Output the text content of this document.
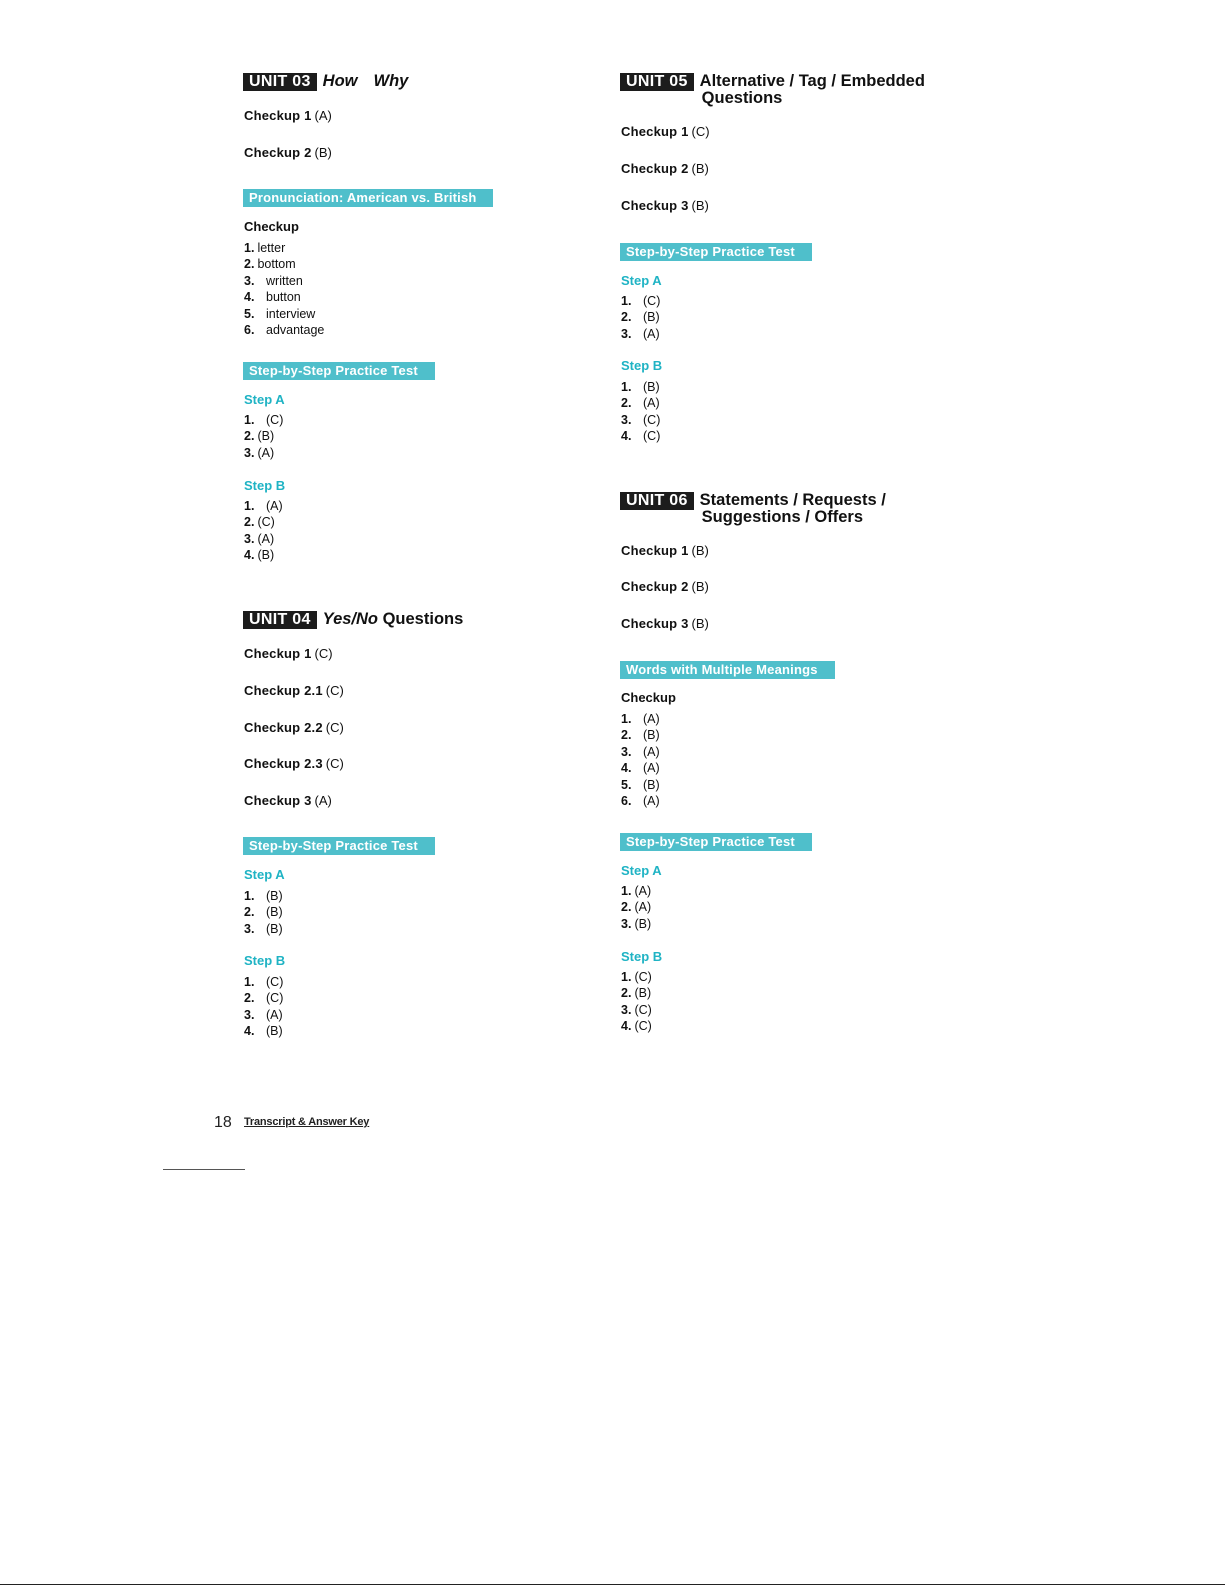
UNIT 03 How Why
Checkup 1 (A)
Checkup 2 (B)
Pronunciation: American vs. British
Checkup
1. letter
2. bottom
3. written
4. button
5. interview
6. advantage
Step-by-Step Practice Test
Step A
1. (C)
2. (B)
3. (A)
Step B
1. (A)
2. (C)
3. (A)
4. (B)
UNIT 04 Yes/No Questions
Checkup 1 (C)
Checkup 2.1 (C)
Checkup 2.2 (C)
Checkup 2.3 (C)
Checkup 3 (A)
Step-by-Step Practice Test
Step A
1. (B)
2. (B)
3. (B)
Step B
1. (C)
2. (C)
3. (A)
4. (B)
UNIT 05 Alternative / Tag / Embedded
Questions
Checkup 1 (C)
Checkup 2 (B)
Checkup 3 (B)
Step-by-Step Practice Test
Step A
1. (C)
2. (B)
3. (A)
Step B
1. (B)
2. (A)
3. (C)
4. (C)
UNIT 06 Statements / Requests /
Suggestions / Offers
Checkup 1 (B)
Checkup 2 (B)
Checkup 3 (B)
Words with Multiple Meanings
Checkup
1. (A)
2. (B)
3. (A)
4. (A)
5. (B)
6. (A)
Step-by-Step Practice Test
Step A
1. (A)
2. (A)
3. (B)
Step B
1. (C)
2. (B)
3. (C)
4. (C)
18 Transcript & Answer Key
